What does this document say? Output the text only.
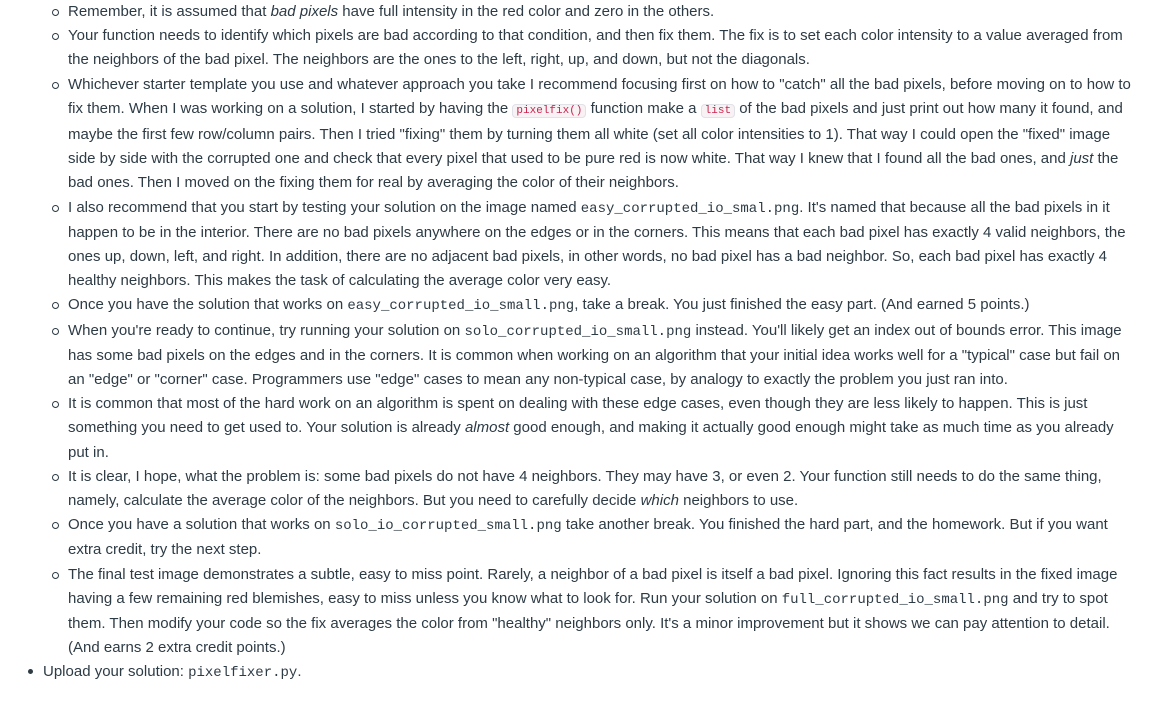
Remember, it is assumed that bad pixels have full intensity in the red color and zero in the others.
Your function needs to identify which pixels are bad according to that condition, and then fix them. The fix is to set each color intensity to a value averaged from the neighbors of the bad pixel. The neighbors are the ones to the left, right, up, and down, but not the diagonals.
Whichever starter template you use and whatever approach you take I recommend focusing first on how to "catch" all the bad pixels, before moving on to how to fix them. When I was working on a solution, I started by having the pixelfix() function make a list of the bad pixels and just print out how many it found, and maybe the first few row/column pairs. Then I tried "fixing" them by turning them all white (set all color intensities to 1). That way I could open the "fixed" image side by side with the corrupted one and check that every pixel that used to be pure red is now white. That way I knew that I found all the bad ones, and just the bad ones. Then I moved on the fixing them for real by averaging the color of their neighbors.
I also recommend that you start by testing your solution on the image named easy_corrupted_io_smal.png. It's named that because all the bad pixels in it happen to be in the interior. There are no bad pixels anywhere on the edges or in the corners. This means that each bad pixel has exactly 4 valid neighbors, the ones up, down, left, and right. In addition, there are no adjacent bad pixels, in other words, no bad pixel has a bad neighbor. So, each bad pixel has exactly 4 healthy neighbors. This makes the task of calculating the average color very easy.
Once you have the solution that works on easy_corrupted_io_small.png, take a break. You just finished the easy part. (And earned 5 points.)
When you're ready to continue, try running your solution on solo_corrupted_io_small.png instead. You'll likely get an index out of bounds error. This image has some bad pixels on the edges and in the corners. It is common when working on an algorithm that your initial idea works well for a "typical" case but fail on an "edge" or "corner" case. Programmers use "edge" cases to mean any non-typical case, by analogy to exactly the problem you just ran into.
It is common that most of the hard work on an algorithm is spent on dealing with these edge cases, even though they are less likely to happen. This is just something you need to get used to. Your solution is already almost good enough, and making it actually good enough might take as much time as you already put in.
It is clear, I hope, what the problem is: some bad pixels do not have 4 neighbors. They may have 3, or even 2. Your function still needs to do the same thing, namely, calculate the average color of the neighbors. But you need to carefully decide which neighbors to use.
Once you have a solution that works on solo_io_corrupted_small.png take another break. You finished the hard part, and the homework. But if you want extra credit, try the next step.
The final test image demonstrates a subtle, easy to miss point. Rarely, a neighbor of a bad pixel is itself a bad pixel. Ignoring this fact results in the fixed image having a few remaining red blemishes, easy to miss unless you know what to look for. Run your solution on full_corrupted_io_small.png and try to spot them. Then modify your code so the fix averages the color from "healthy" neighbors only. It's a minor improvement but it shows we can pay attention to detail. (And earns 2 extra credit points.)
Upload your solution: pixelfixer.py.
